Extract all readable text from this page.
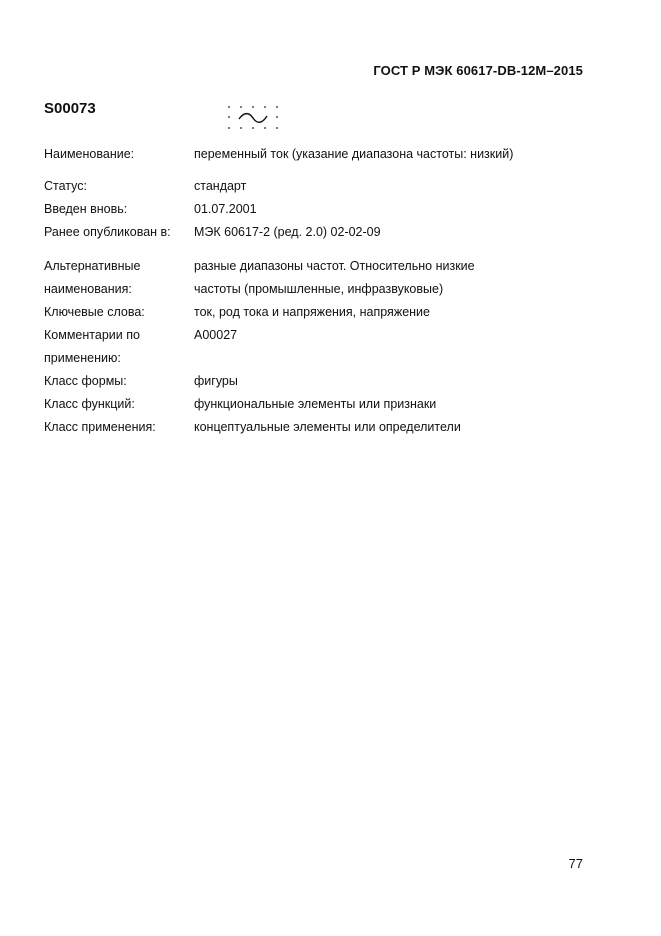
ГОСТ Р МЭК 60617-DB-12M–2015
S00073
Наименование:	переменный ток (указание диапазона частоты: низкий)
Статус:	стандарт
Введен вновь:	01.07.2001
Ранее опубликован в: МЭК 60617-2 (ред. 2.0) 02-02-09
Альтернативные	разные диапазоны частот. Относительно низкие
наименования:	частоты (промышленные, инфразвуковые)
Ключевые слова:	ток, род тока и напряжения, напряжение
Комментарии по	A00027
применению:
Класс формы:	фигуры
Класс функций:	функциональные элементы или признаки
Класс применения:	концептуальные элементы или определители
77
